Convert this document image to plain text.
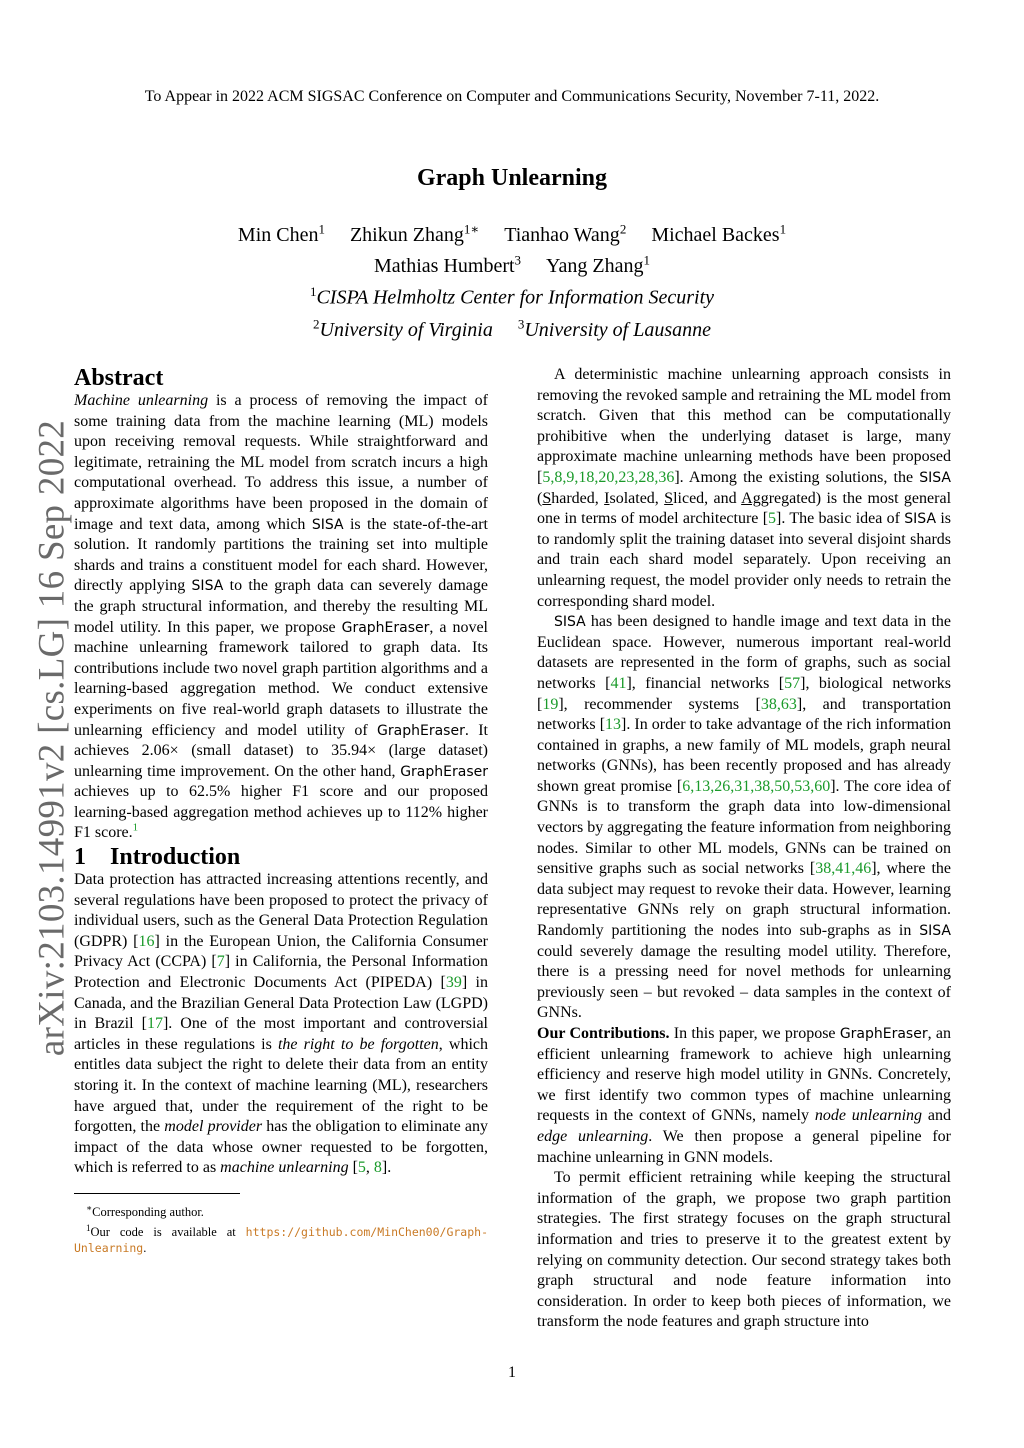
To Appear in 2022 ACM SIGSAC Conference on Computer and Communications Security, November 7-11, 2022.
arXiv:2103.14991v2 [cs.LG] 16 Sep 2022
Graph Unlearning
Min Chen$^1$ Zhikun Zhang$^{1∗}$ Tianhao Wang$^2$ Michael Backes$^1$
Mathias Humbert$^3$ Yang Zhang$^1$
$^1$CISPA Helmholtz Center for Information Security
$^2$University of Virginia $^3$University of Lausanne
Abstract

Machine unlearning is a process of removing the impact of some training data from the machine learning (ML) models upon receiving removal requests. While straightforward and legitimate, retraining the ML model from scratch incurs a high computational overhead. To address this issue, a number of approximate algorithms have been proposed in the domain of image and text data, among which SISA is the state-of-the-art solution. It randomly partitions the training set into multiple shards and trains a constituent model for each shard. However, directly applying SISA to the graph data can severely damage the graph structural information, and thereby the resulting ML model utility. In this paper, we propose GraphEraser, a novel machine unlearning framework tailored to graph data. Its contributions include two novel graph partition algorithms and a learning-based aggregation method. We conduct extensive experiments on five real-world graph datasets to illustrate the unlearning efficiency and model utility of GraphEraser. It achieves 2.06× (small dataset) to 35.94× (large dataset) unlearning time improvement. On the other hand, GraphEraser achieves up to 62.5% higher F1 score and our proposed learning-based aggregation method achieves up to 112% higher F1 score.$^1$

1 Introduction

Data protection has attracted increasing attentions recently, and several regulations have been proposed to protect the privacy of individual users, such as the General Data Protection Regulation (GDPR) [16] in the European Union, the California Consumer Privacy Act (CCPA) [7] in California, the Personal Information Protection and Electronic Documents Act (PIPEDA) [39] in Canada, and the Brazilian General Data Protection Law (LGPD) in Brazil [17]. One of the most important and controversial articles in these regulations is the right to be forgotten, which entitles data subject the right to delete their data from an entity storing it. In the context of machine learning (ML), researchers have argued that, under the requirement of the right to be forgotten, the model provider has the obligation to eliminate any impact of the data whose owner requested to be forgotten, which is referred to as machine unlearning [5, 8].

∗Corresponding author.
$^1$Our code is available at https://github.com/MinChen00/Graph-Unlearning.

A deterministic machine unlearning approach consists in removing the revoked sample and retraining the ML model from scratch. Given that this method can be computationally prohibitive when the underlying dataset is large, many approximate machine unlearning methods have been proposed [5,8,9,18,20,23,28,36]. Among the existing solutions, the SISA (Sharded, Isolated, Sliced, and Aggregated) is the most general one in terms of model architecture [5]. The basic idea of SISA is to randomly split the training dataset into several disjoint shards and train each shard model separately. Upon receiving an unlearning request, the model provider only needs to retrain the corresponding shard model.

SISA has been designed to handle image and text data in the Euclidean space. However, numerous important real-world datasets are represented in the form of graphs, such as social networks [41], financial networks [57], biological networks [19], recommender systems [38,63], and transportation networks [13]. In order to take advantage of the rich information contained in graphs, a new family of ML models, graph neural networks (GNNs), has been recently proposed and has already shown great promise [6,13,26,31,38,50,53,60]. The core idea of GNNs is to transform the graph data into low-dimensional vectors by aggregating the feature information from neighboring nodes. Similar to other ML models, GNNs can be trained on sensitive graphs such as social networks [38,41,46], where the data subject may request to revoke their data. However, learning representative GNNs rely on graph structural information. Randomly partitioning the nodes into sub-graphs as in SISA could severely damage the resulting model utility. Therefore, there is a pressing need for novel methods for unlearning previously seen – but revoked – data samples in the context of GNNs.

Our Contributions. In this paper, we propose GraphEraser, an efficient unlearning framework to achieve high unlearning efficiency and reserve high model utility in GNNs. Concretely, we first identify two common types of machine unlearning requests in the context of GNNs, namely node unlearning and edge unlearning. We then propose a general pipeline for machine unlearning in GNN models.

To permit efficient retraining while keeping the structural information of the graph, we propose two graph partition strategies. The first strategy focuses on the graph structural information and tries to preserve it to the greatest extent by relying on community detection. Our second strategy takes both graph structural and node feature information into consideration. In order to keep both pieces of information, we transform the node features and graph structure into

1
